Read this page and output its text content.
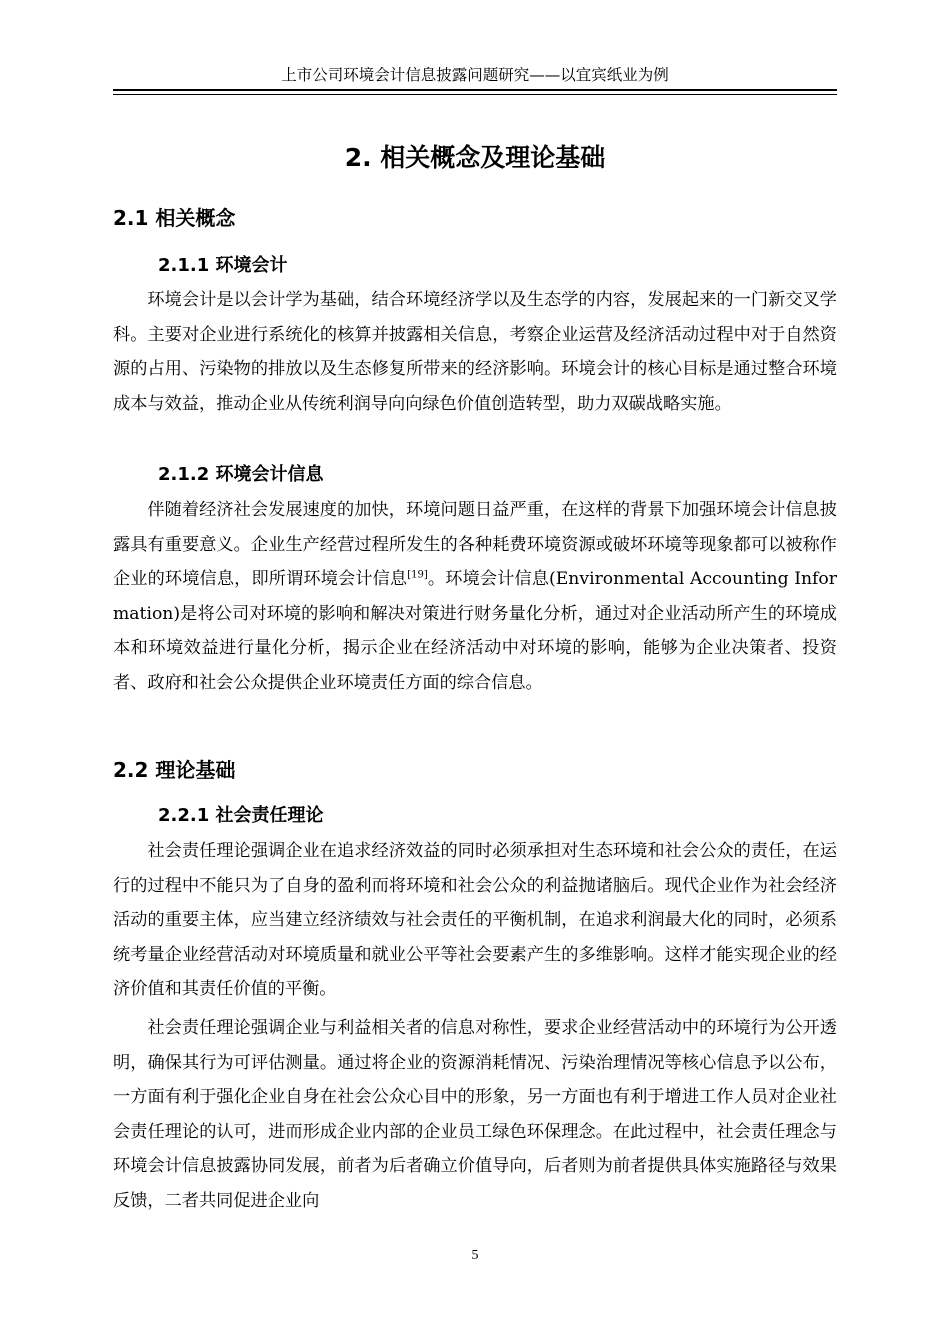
上市公司环境会计信息披露问题研究——以宜宾纸业为例
2. 相关概念及理论基础
2.1 相关概念
2.1.1 环境会计

环境会计是以会计学为基础，结合环境经济学以及生态学的内容，发展起来的一门新交叉学科。主要对企业进行系统化的核算并披露相关信息，考察企业运营及经济活动过程中对于自然资源的占用、污染物的排放以及生态修复所带来的经济影响。环境会计的核心目标是通过整合环境成本与效益，推动企业从传统利润导向向绿色价值创造转型，助力双碳战略实施。

2.1.2 环境会计信息

伴随着经济社会发展速度的加快，环境问题日益严重，在这样的背景下加强环境会计信息披露具有重要意义。企业生产经营过程所发生的各种耗费环境资源或破坏环境等现象都可以被称作企业的环境信息，即所谓环境会计信息[19]。环境会计信息(Environmental Accounting Information)是将公司对环境的影响和解决对策进行财务量化分析，通过对企业活动所产生的环境成本和环境效益进行量化分析，揭示企业在经济活动中对环境的影响，能够为企业决策者、投资者、政府和社会公众提供企业环境责任方面的综合信息。

2.2 理论基础
2.2.1 社会责任理论

社会责任理论强调企业在追求经济效益的同时必须承担对生态环境和社会公众的责任，在运行的过程中不能只为了自身的盈利而将环境和社会公众的利益抛诸脑后。现代企业作为社会经济活动的重要主体，应当建立经济绩效与社会责任的平衡机制，在追求利润最大化的同时，必须系统考量企业经营活动对环境质量和就业公平等社会要素产生的多维影响。这样才能实现企业的经济价值和其责任价值的平衡。

社会责任理论强调企业与利益相关者的信息对称性，要求企业经营活动中的环境行为公开透明，确保其行为可评估测量。通过将企业的资源消耗情况、污染治理情况等核心信息予以公布，一方面有利于强化企业自身在社会公众心目中的形象，另一方面也有利于增进工作人员对企业社会责任理论的认可，进而形成企业内部的企业员工绿色环保理念。在此过程中，社会责任理念与环境会计信息披露协同发展，前者为后者确立价值导向，后者则为前者提供具体实施路径与效果反馈，二者共同促进企业向

5
